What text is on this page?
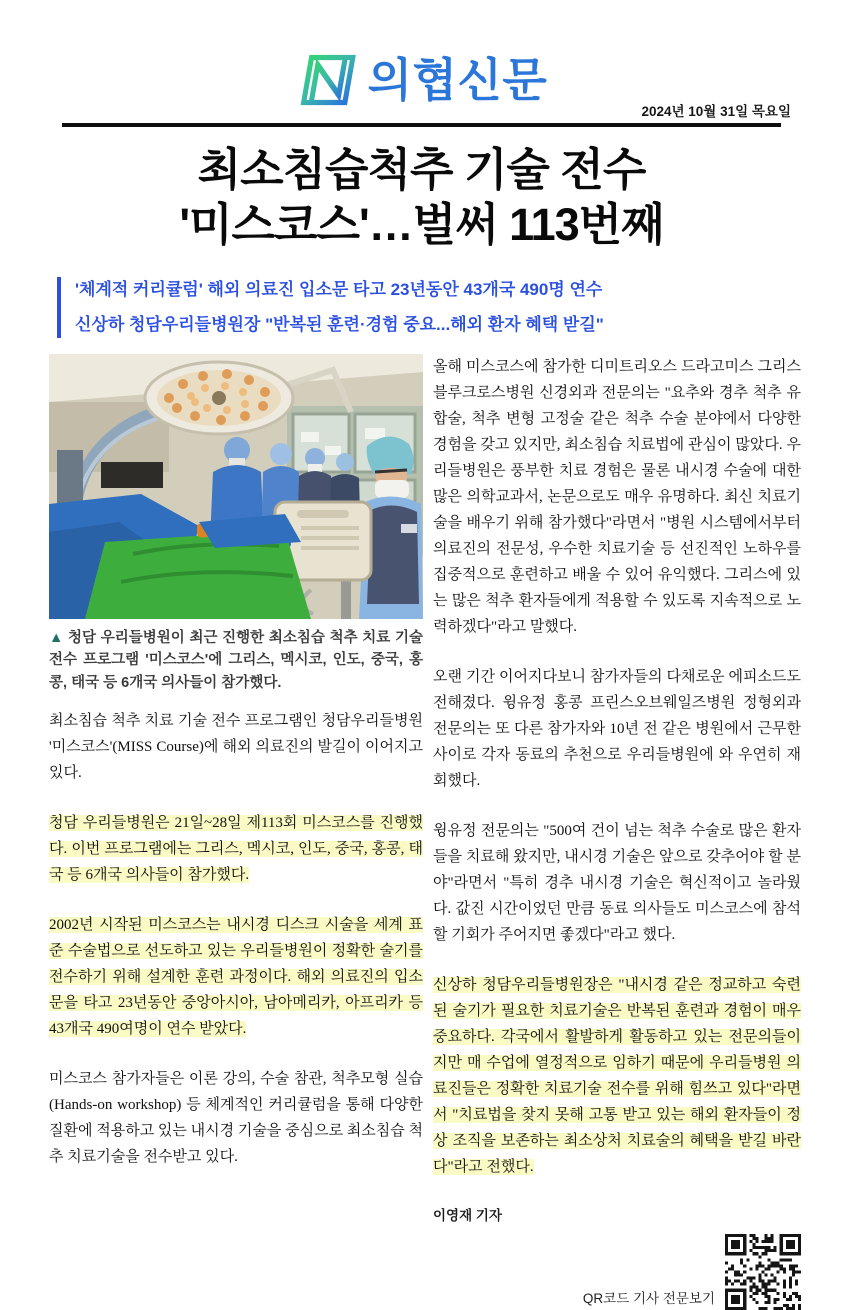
의협신문
2024년 10월 31일 목요일
최소침습척추 기술 전수
'미스코스'…벌써 113번째

'체계적 커리큘럼' 해외 의료진 입소문 타고 23년동안 43개국 490명 연수

신상하 청담우리들병원장 "반복된 훈련·경험 중요...해외 환자 혜택 받길"

▲ 청담 우리들병원이 최근 진행한 최소침습 척추 치료 기술 전수 프로그램 '미스코스'에 그리스, 멕시코, 인도, 중국, 홍콩, 태국 등 6개국 의사들이 참가했다.

최소침습 척추 치료 기술 전수 프로그램인 청담우리들병원 '미스코스'(MISS Course)에 해외 의료진의 발길이 이어지고 있다.

청담 우리들병원은 21일~28일 제113회 미스코스를 진행했다. 이번 프로그램에는 그리스, 멕시코, 인도, 중국, 홍콩, 태국 등 6개국 의사들이 참가했다.

2002년 시작된 미스코스는 내시경 디스크 시술을 세계 표준 수술법으로 선도하고 있는 우리들병원이 정확한 술기를 전수하기 위해 설계한 훈련 과정이다. 해외 의료진의 입소문을 타고 23년동안 중앙아시아, 남아메리카, 아프리카 등 43개국 490여명이 연수 받았다.

미스코스 참가자들은 이론 강의, 수술 참관, 척추모형 실습(Hands-on workshop) 등 체계적인 커리큘럼을 통해 다양한 질환에 적용하고 있는 내시경 기술을 중심으로 최소침습 척추 치료기술을 전수받고 있다.

올해 미스코스에 참가한 디미트리오스 드라고미스 그리스 블루크로스병원 신경외과 전문의는 "요추와 경추 척추 유합술, 척추 변형 고정술 같은 척추 수술 분야에서 다양한 경험을 갖고 있지만, 최소침습 치료법에 관심이 많았다. 우리들병원은 풍부한 치료 경험은 물론 내시경 수술에 대한 많은 의학교과서, 논문으로도 매우 유명하다. 최신 치료기술을 배우기 위해 참가했다"라면서 "병원 시스템에서부터 의료진의 전문성, 우수한 치료기술 등 선진적인 노하우를 집중적으로 훈련하고 배울 수 있어 유익했다. 그리스에 있는 많은 척추 환자들에게 적용할 수 있도록 지속적으로 노력하겠다"라고 말했다.

오랜 기간 이어지다보니 참가자들의 다채로운 에피소드도 전해졌다. 윙유정 홍콩 프린스오브웨일즈병원 정형외과 전문의는 또 다른 참가자와 10년 전 같은 병원에서 근무한 사이로 각자 동료의 추천으로 우리들병원에 와 우연히 재회했다.

윙유정 전문의는 "500여 건이 넘는 척추 수술로 많은 환자들을 치료해 왔지만, 내시경 기술은 앞으로 갖추어야 할 분야"라면서 "특히 경추 내시경 기술은 혁신적이고 놀라웠다. 값진 시간이었던 만큼 동료 의사들도 미스코스에 참석할 기회가 주어지면 좋겠다"라고 했다.

신상하 청담우리들병원장은 "내시경 같은 정교하고 숙련된 술기가 필요한 치료기술은 반복된 훈련과 경험이 매우 중요하다. 각국에서 활발하게 활동하고 있는 전문의들이지만 매 수업에 열정적으로 임하기 때문에 우리들병원 의료진들은 정확한 치료기술 전수를 위해 힘쓰고 있다"라면서 "치료법을 찾지 못해 고통 받고 있는 해외 환자들이 정상 조직을 보존하는 최소상처 치료술의 혜택을 받길 바란다"라고 전했다.

이영재 기자
QR코드 기사 전문보기
